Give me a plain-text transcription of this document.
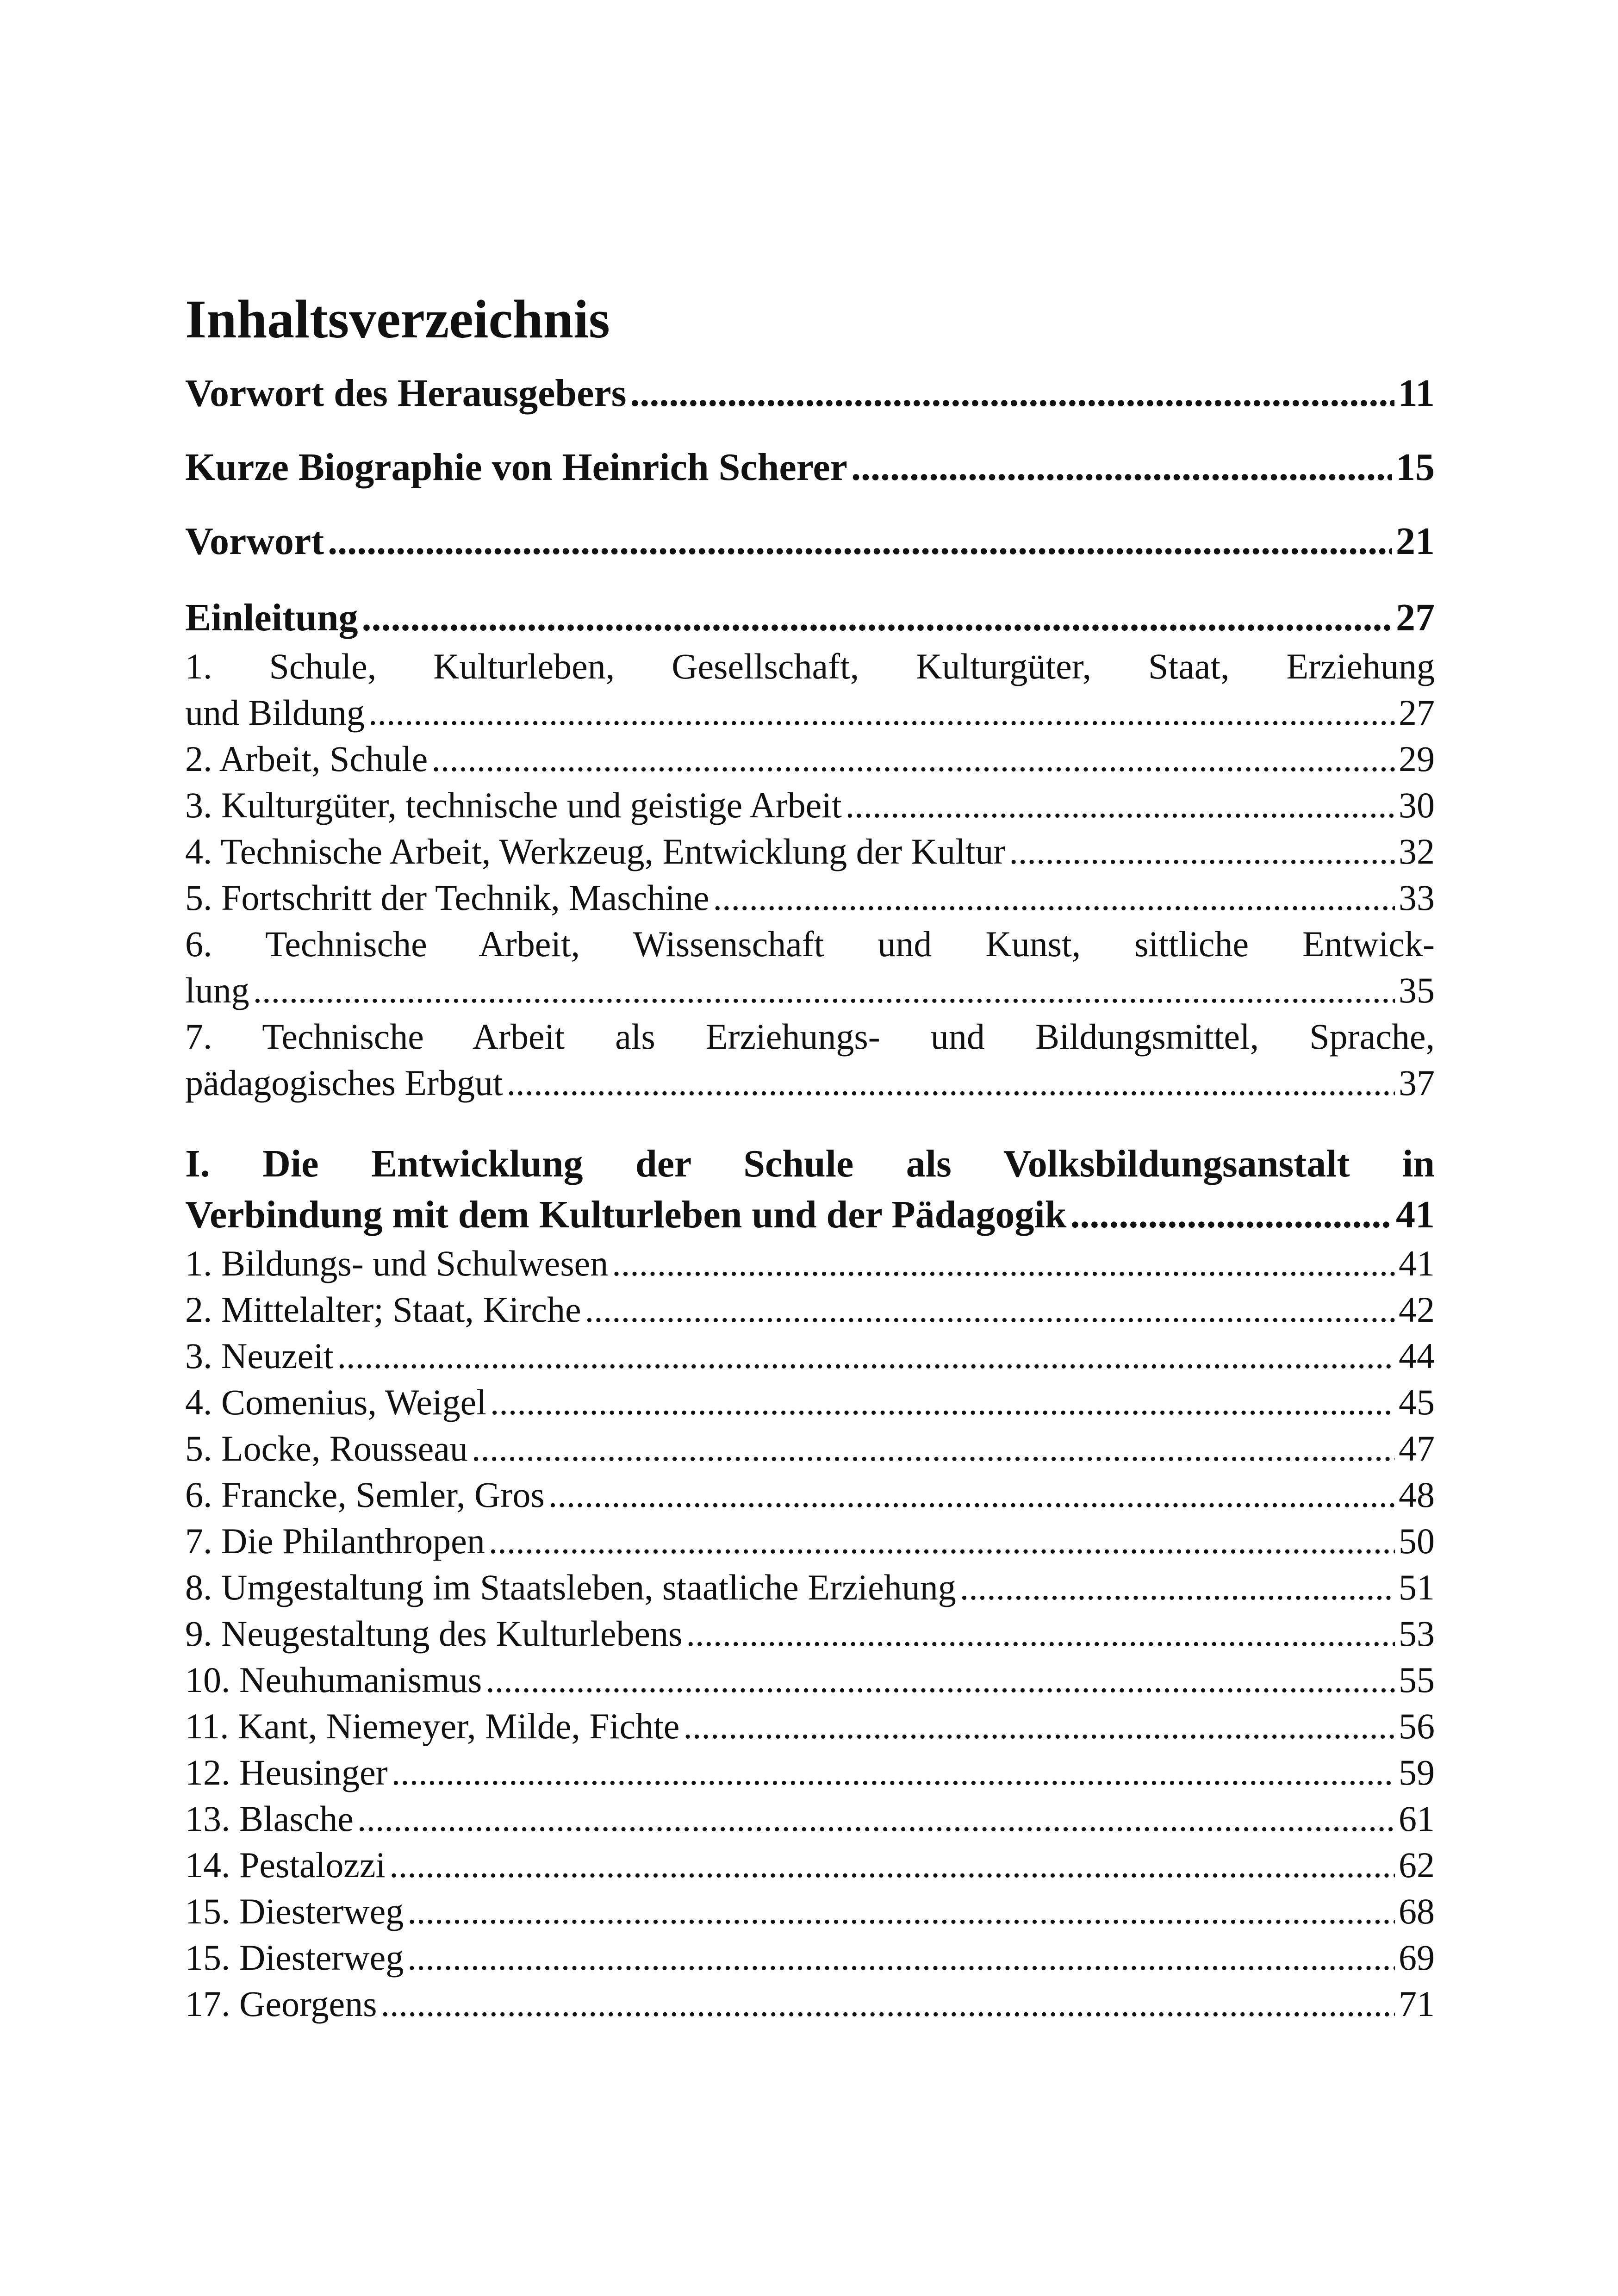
Inhaltsverzeichnis
Vorwort des Herausgebers .....	11
Kurze Biographie von Heinrich Scherer .....	15
Vorwort .....	21
Einleitung .....	27
1. Schule, Kulturleben, Gesellschaft, Kulturgüter, Staat, Erziehung
und Bildung .....	27
2. Arbeit, Schule .....	29
3. Kulturgüter, technische und geistige Arbeit .....	30
4. Technische Arbeit, Werkzeug, Entwicklung der Kultur .....	32
5. Fortschritt der Technik, Maschine .....	33
6. Technische Arbeit, Wissenschaft und Kunst, sittliche Entwick-
lung .....	35
7. Technische Arbeit als Erziehungs- und Bildungsmittel, Sprache,
pädagogisches Erbgut .....	37
I. Die Entwicklung der Schule als Volksbildungsanstalt in
Verbindung mit dem Kulturleben und der Pädagogik .....	41
1. Bildungs- und Schulwesen .....	41
2. Mittelalter; Staat, Kirche .....	42
3. Neuzeit .....	44
4. Comenius, Weigel .....	45
5. Locke, Rousseau .....	47
6. Francke, Semler, Gros .....	48
7. Die Philanthropen .....	50
8. Umgestaltung im Staatsleben, staatliche Erziehung .....	51
9. Neugestaltung des Kulturlebens .....	53
10. Neuhumanismus .....	55
11. Kant, Niemeyer, Milde, Fichte .....	56
12. Heusinger .....	59
13. Blasche .....	61
14. Pestalozzi .....	62
15. Diesterweg .....	68
15. Diesterweg .....	69
17. Georgens .....	71
